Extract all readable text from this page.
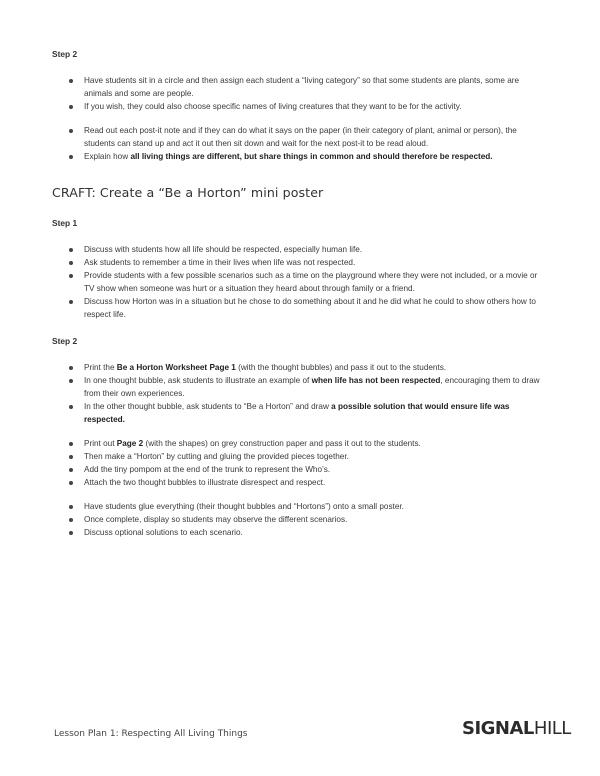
Step 2
Have students sit in a circle and then assign each student a “living category” so that some students are plants, some are animals and some are people.
If you wish, they could also choose specific names of living creatures that they want to be for the activity.
Read out each post-it note and if they can do what it says on the paper (in their category of plant, animal or person), the students can stand up and act it out then sit down and wait for the next post-it to be read aloud.
Explain how all living things are different, but share things in common and should therefore be respected.
CRAFT: Create a “Be a Horton” mini poster
Step 1
Discuss with students how all life should be respected, especially human life.
Ask students to remember a time in their lives when life was not respected.
Provide students with a few possible scenarios such as a time on the playground where they were not included, or a movie or TV show when someone was hurt or a situation they heard about through family or a friend.
Discuss how Horton was in a situation but he chose to do something about it and he did what he could to show others how to respect life.
Step 2
Print the Be a Horton Worksheet Page 1 (with the thought bubbles) and pass it out to the students.
In one thought bubble, ask students to illustrate an example of when life has not been respected, encouraging them to draw from their own experiences.
In the other thought bubble, ask students to “Be a Horton” and draw a possible solution that would ensure life was respected.
Print out Page 2 (with the shapes) on grey construction paper and pass it out to the students.
Then make a “Horton” by cutting and gluing the provided pieces together.
Add the tiny pompom at the end of the trunk to represent the Who’s.
Attach the two thought bubbles to illustrate disrespect and respect.
Have students glue everything (their thought bubbles and “Hortons”) onto a small poster.
Once complete, display so students may observe the different scenarios.
Discuss optional solutions to each scenario.
Lesson Plan 1: Respecting All Living Things	SIGNALHILL
